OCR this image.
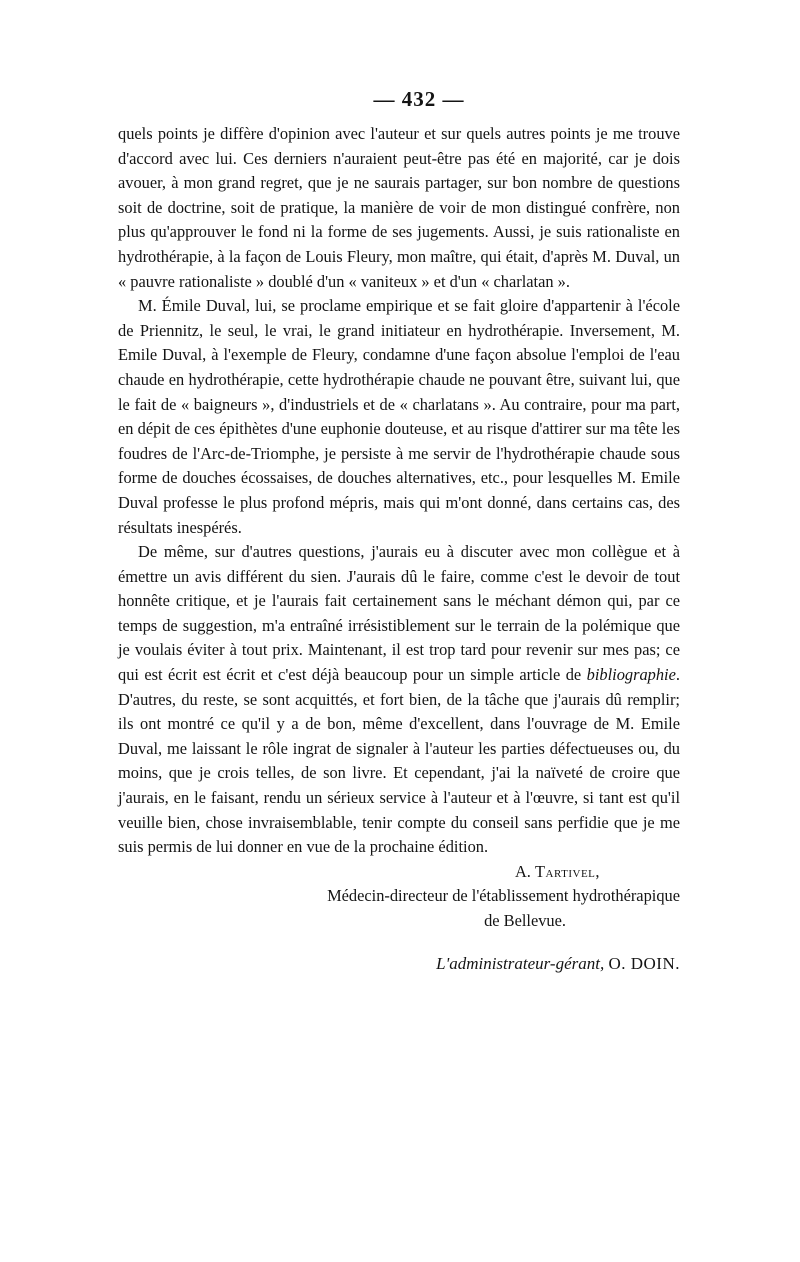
— 432 —

quels points je diffère d'opinion avec l'auteur et sur quels autres points je me trouve d'accord avec lui. Ces derniers n'auraient peut-être pas été en majorité, car je dois avouer, à mon grand regret, que je ne saurais partager, sur bon nombre de questions soit de doctrine, soit de pratique, la manière de voir de mon distingué confrère, non plus qu'approuver le fond ni la forme de ses jugements. Aussi, je suis rationaliste en hydrothérapie, à la façon de Louis Fleury, mon maître, qui était, d'après M. Duval, un « pauvre rationaliste » doublé d'un « vaniteux » et d'un « charlatan ».

M. Émile Duval, lui, se proclame empirique et se fait gloire d'appartenir à l'école de Priennitz, le seul, le vrai, le grand initiateur en hydrothérapie. Inversement, M. Emile Duval, à l'exemple de Fleury, condamne d'une façon absolue l'emploi de l'eau chaude en hydrothérapie, cette hydrothérapie chaude ne pouvant être, suivant lui, que le fait de « baigneurs », d'industriels et de « charlatans ». Au contraire, pour ma part, en dépit de ces épithètes d'une euphonie douteuse, et au risque d'attirer sur ma tête les foudres de l'Arc-de-Triomphe, je persiste à me servir de l'hydrothérapie chaude sous forme de douches écossaises, de douches alternatives, etc., pour lesquelles M. Emile Duval professe le plus profond mépris, mais qui m'ont donné, dans certains cas, des résultats inespérés.

De même, sur d'autres questions, j'aurais eu à discuter avec mon collègue et à émettre un avis différent du sien. J'aurais dû le faire, comme c'est le devoir de tout honnête critique, et je l'aurais fait certainement sans le méchant démon qui, par ce temps de suggestion, m'a entraîné irrésistiblement sur le terrain de la polémique que je voulais éviter à tout prix. Maintenant, il est trop tard pour revenir sur mes pas; ce qui est écrit est écrit et c'est déjà beaucoup pour un simple article de bibliographie. D'autres, du reste, se sont acquittés, et fort bien, de la tâche que j'aurais dû remplir; ils ont montré ce qu'il y a de bon, même d'excellent, dans l'ouvrage de M. Emile Duval, me laissant le rôle ingrat de signaler à l'auteur les parties défectueuses ou, du moins, que je crois telles, de son livre. Et cependant, j'ai la naïveté de croire que j'aurais, en le faisant, rendu un sérieux service à l'auteur et à l'œuvre, si tant est qu'il veuille bien, chose invraisemblable, tenir compte du conseil sans perfidie que je me suis permis de lui donner en vue de la prochaine édition.

A. Tartivel,
Médecin-directeur de l'établissement hydrothérapique
de Bellevue.
L'administrateur-gérant, O. DOIN.
